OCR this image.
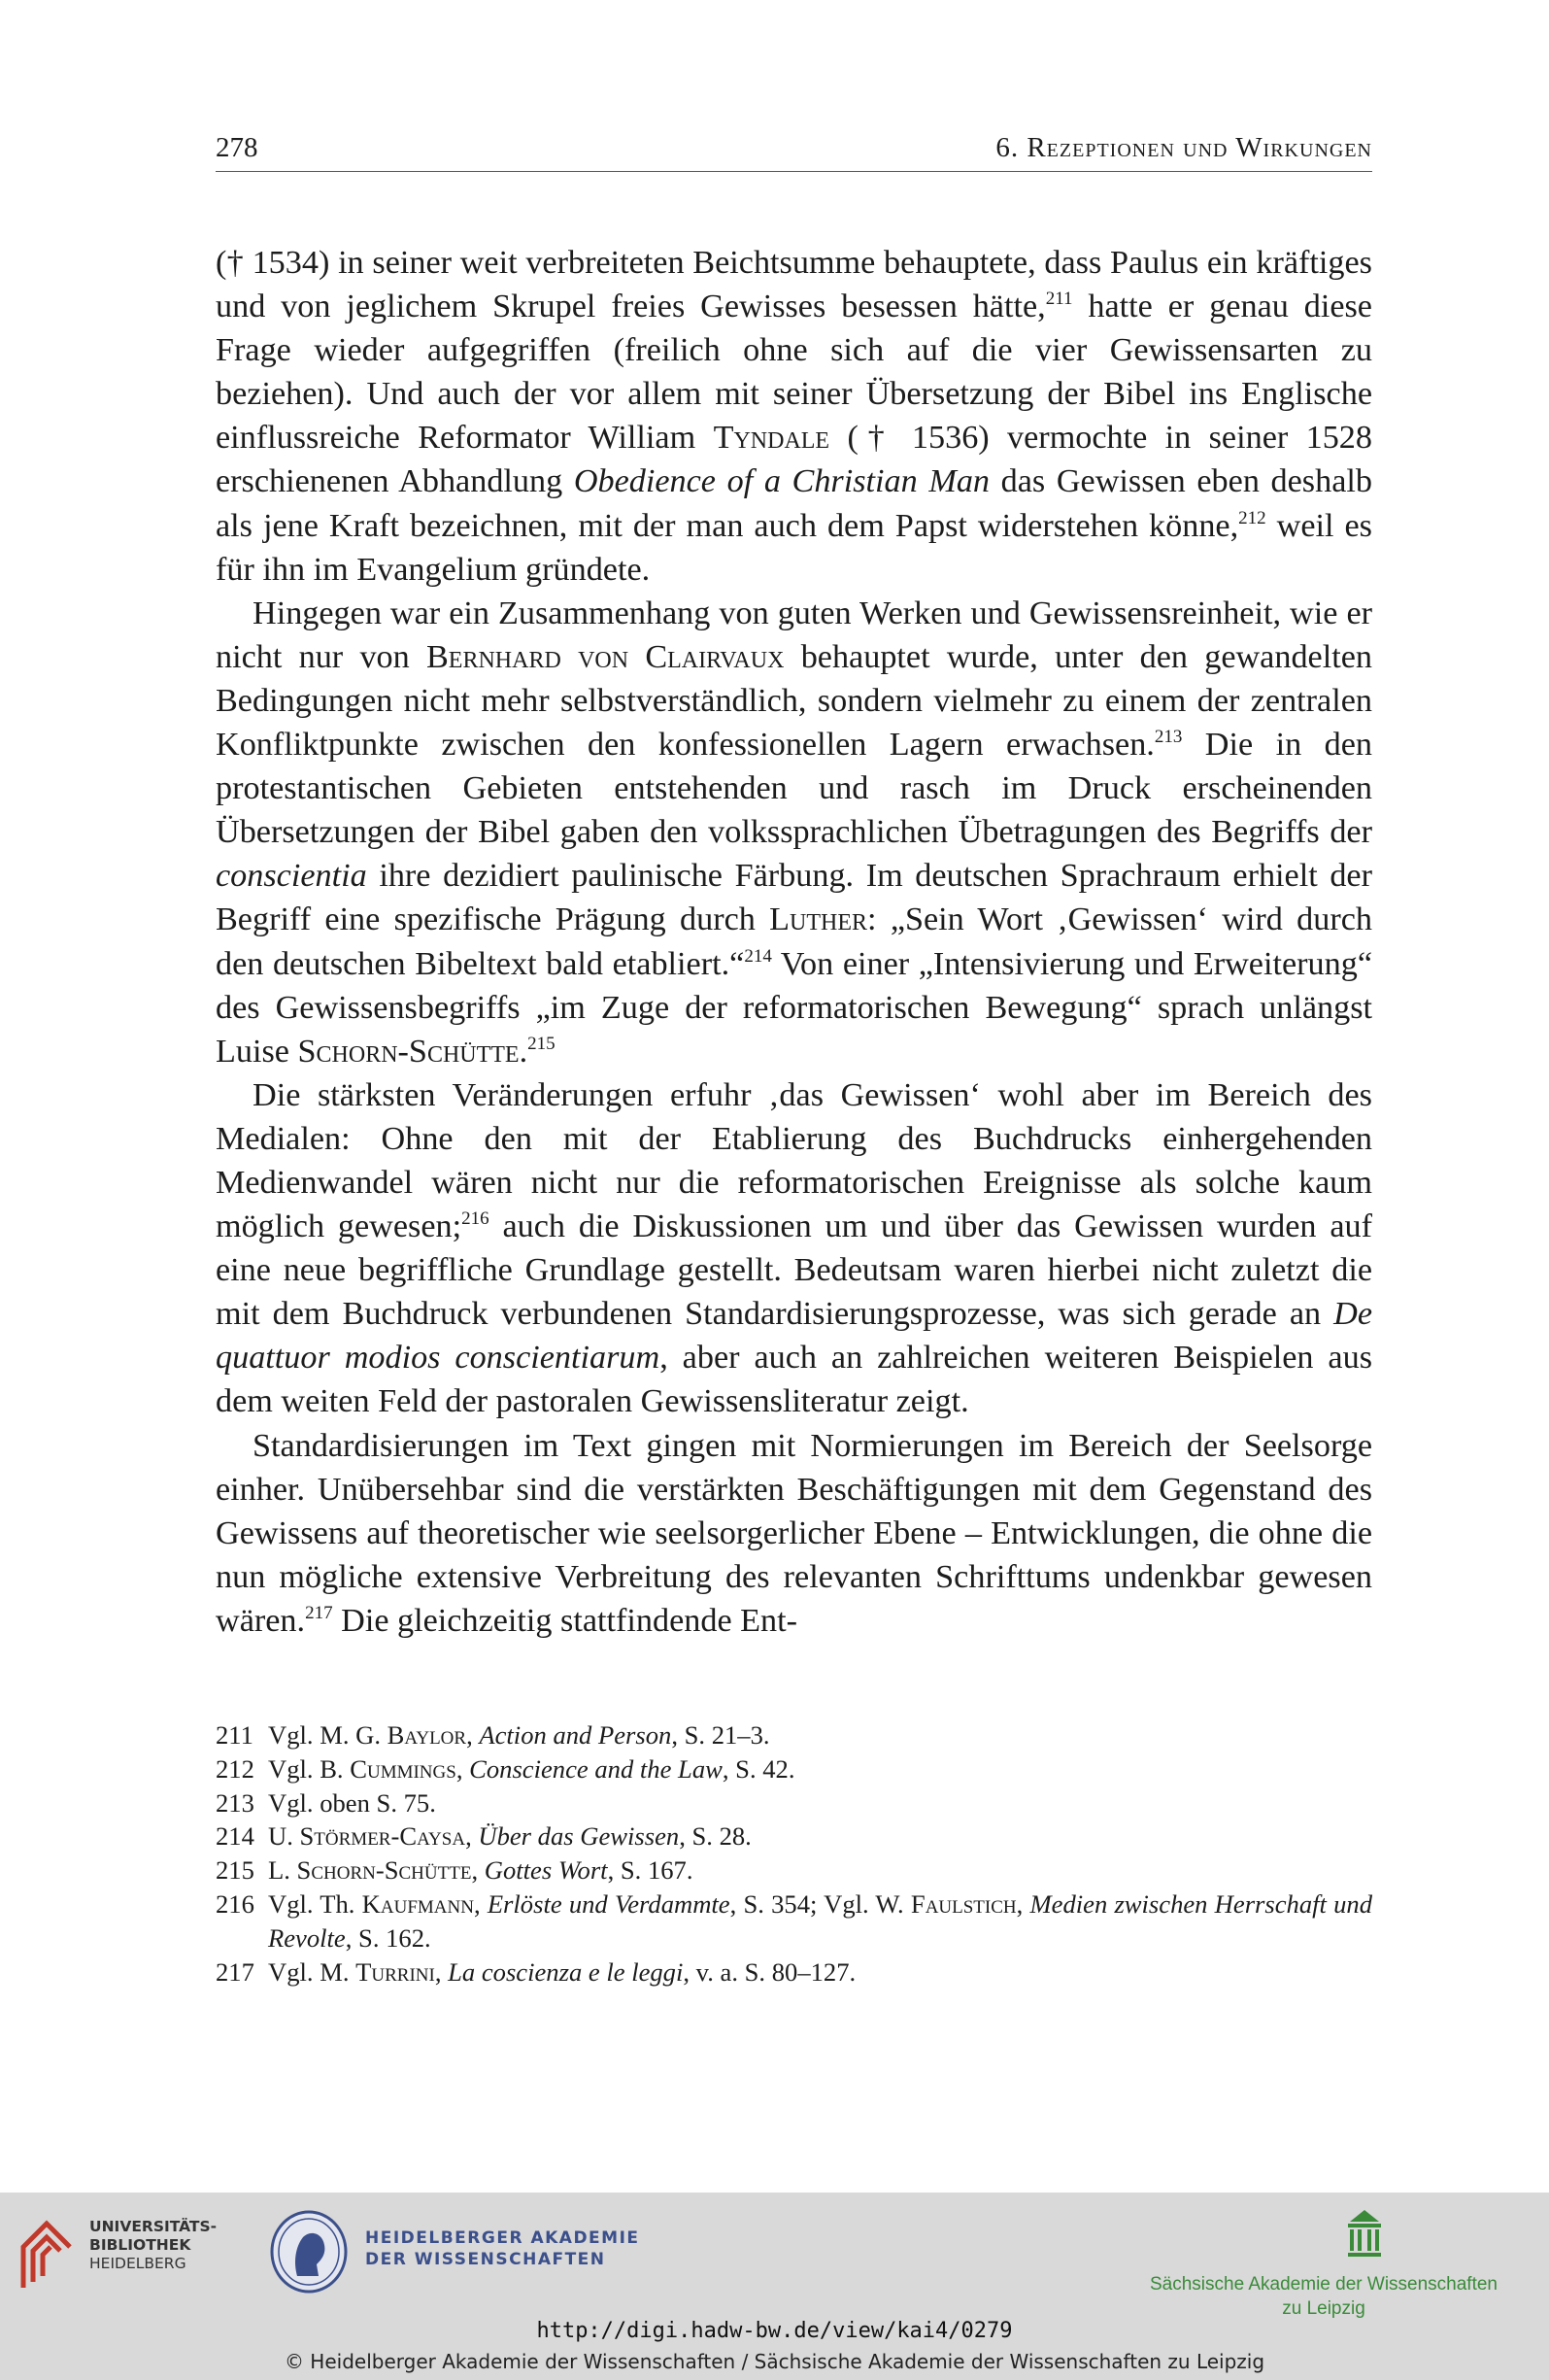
278	6. Rezeptionen und Wirkungen

(† 1534) in seiner weit verbreiteten Beichtsumme behauptete, dass Paulus ein kräftiges und von jeglichem Skrupel freies Gewisses besessen hätte,$^{211}$ hatte er genau diese Frage wieder aufgegriffen (freilich ohne sich auf die vier Gewissensarten zu beziehen). Und auch der vor allem mit seiner Übersetzung der Bibel ins Englische einflussreiche Reformator William Tyndale († 1536) vermochte in seiner 1528 erschienenen Abhandlung Obedience of a Christian Man das Gewissen eben deshalb als jene Kraft bezeichnen, mit der man auch dem Papst widerstehen könne,$^{212}$ weil es für ihn im Evangelium gründete.

Hingegen war ein Zusammenhang von guten Werken und Gewissensreinheit, wie er nicht nur von Bernhard von Clairvaux behauptet wurde, unter den gewandelten Bedingungen nicht mehr selbstverständlich, sondern vielmehr zu einem der zentralen Konfliktpunkte zwischen den konfessionellen Lagern erwachsen.$^{213}$ Die in den protestantischen Gebieten entstehenden und rasch im Druck erscheinenden Übersetzungen der Bibel gaben den volkssprachlichen Übetragungen des Begriffs der conscientia ihre dezidiert paulinische Färbung. Im deutschen Sprachraum erhielt der Begriff eine spezifische Prägung durch Luther: „Sein Wort ‚Gewissen‘ wird durch den deutschen Bibeltext bald etabliert.“$^{214}$ Von einer „Intensivierung und Erweiterung“ des Gewissensbegriffs „im Zuge der reformatorischen Bewegung“ sprach unlängst Luise Schorn-Schütte.$^{215}$

Die stärksten Veränderungen erfuhr ‚das Gewissen‘ wohl aber im Bereich des Medialen: Ohne den mit der Etablierung des Buchdrucks einhergehenden Medienwandel wären nicht nur die reformatorischen Ereignisse als solche kaum möglich gewesen;$^{216}$ auch die Diskussionen um und über das Gewissen wurden auf eine neue begriffliche Grundlage gestellt. Bedeutsam waren hierbei nicht zuletzt die mit dem Buchdruck verbundenen Standardisierungsprozesse, was sich gerade an De quattuor modios conscientiarum, aber auch an zahlreichen weiteren Beispielen aus dem weiten Feld der pastoralen Gewissensliteratur zeigt.

Standardisierungen im Text gingen mit Normierungen im Bereich der Seelsorge einher. Unübersehbar sind die verstärkten Beschäftigungen mit dem Gegenstand des Gewissens auf theoretischer wie seelsorgerlicher Ebene – Entwicklungen, die ohne die nun mögliche extensive Verbreitung des relevanten Schrifttums undenkbar gewesen wären.$^{217}$ Die gleichzeitig stattfindende Ent-

211 Vgl. M. G. Baylor, Action and Person, S. 21–3.
212 Vgl. B. Cummings, Conscience and the Law, S. 42.
213 Vgl. oben S. 75.
214 U. Störmer-Caysa, Über das Gewissen, S. 28.
215 L. Schorn-Schütte, Gottes Wort, S. 167.
216 Vgl. Th. Kaufmann, Erlöste und Verdammte, S. 354; Vgl. W. Faulstich, Medien zwischen Herrschaft und Revolte, S. 162.
217 Vgl. M. Turrini, La coscienza e le leggi, v. a. S. 80–127.
UNIVERSITÄTS-
BIBLIOTHEK
HEIDELBERG
HEIDELBERGER AKADEMIE
DER WISSENSCHAFTEN
Sächsische Akademie der Wissenschaften
zu Leipzig
http://digi.hadw-bw.de/view/kai4/0279
© Heidelberger Akademie der Wissenschaften / Sächsische Akademie der Wissenschaften zu Leipzig
